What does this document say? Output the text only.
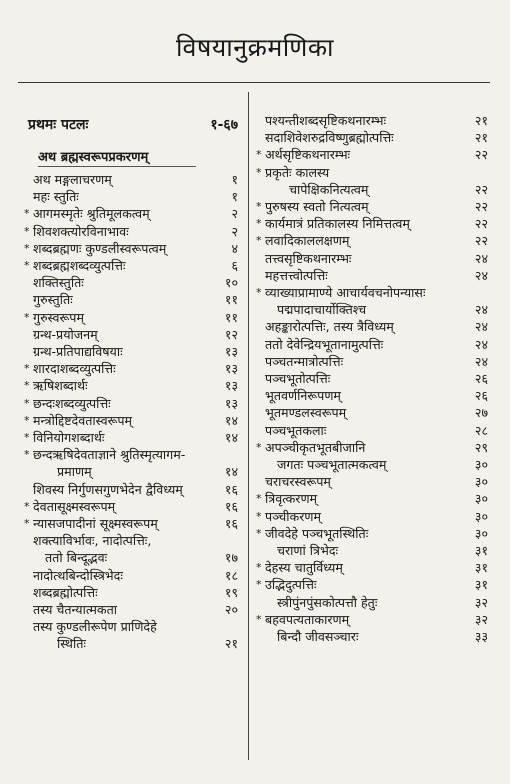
विषयानुक्रमणिका
प्रथमः पटलः	१-६७
अथ ब्रह्मस्वरूपप्रकरणम्
अथ मङ्गलाचरणम्	१
महः स्तुतिः	१
* आगमस्मृतेः श्रुतिमूलकत्वम्	२
* शिवशक्त्योरविनाभावः	२
* शब्दब्रह्मणः कुण्डलीस्वरूपत्वम्	४
* शब्दब्रह्मशब्दव्युत्पत्तिः	६
शक्तिस्तुतिः	१०
गुरुस्तुतिः	११
* गुरुस्वरूपम्	११
ग्रन्थ-प्रयोजनम्	१२
ग्रन्थ-प्रतिपाद्यविषयाः	१३
* शारदाशब्दव्युत्पत्तिः	१३
* ऋषिशब्दार्थः	१३
* छन्दःशब्दव्युत्पत्तिः	१३
* मन्त्रोद्दिष्टदेवतास्वरूपम्	१४
* विनियोगशब्दार्थः	१४
* छन्दऋषिदेवताज्ञाने श्रुतिस्मृत्यागम-
प्रमाणम्	१४
शिवस्य निर्गुणसगुणभेदेन द्वैविध्यम्	१६
* देवतासूक्ष्मस्वरूपम्	१६
* न्यासजपादीनां सूक्ष्मस्वरूपम्	१६
शक्त्याविर्भावः, नादोत्पत्तिः,
ततो बिन्दूद्भवः	१७
नादोत्थबिन्दोस्त्रिभेदः	१८
शब्दब्रह्मोत्पत्तिः	१९
तस्य चैतन्यात्मकता	२०
तस्य कुण्डलीरूपेण प्राणिदेहे
स्थितिः	२१
पश्यन्तीशब्दसृष्टिकथनारम्भः	२१
सदाशिवेशरुद्रविष्णुब्रह्मोत्पत्तिः	२१
* अर्थसृष्टिकथनारम्भः	२२
* प्रकृतेः कालस्य
चापेक्षिकनित्यत्वम्	२२
* पुरुषस्य स्वतो नित्यत्वम्	२२
* कार्यमात्रं प्रतिकालस्य निमित्तत्वम्	२२
* लवादिकाललक्षणम्	२२
तत्त्वसृष्टिकथनारम्भः	२४
महत्तत्त्वोत्पत्तिः	२४
* व्याख्याप्रामाण्ये आचार्यवचनोपन्यासः
पद्मपादाचार्योक्तिश्च	२४
अहङ्कारोत्पत्तिः, तस्य त्रैविध्यम्	२४
ततो देवेन्द्रियभूतानामुत्पत्तिः	२४
पञ्चतन्मात्रोत्पत्तिः	२४
पञ्चभूतोत्पत्तिः	२६
भूतवर्णनिरूपणम्	२६
भूतमण्डलस्वरूपम्	२७
पञ्चभूतकलाः	२८
* अपञ्चीकृतभूतबीजानि	२९
जगतः पञ्चभूतात्मकत्वम्	३०
चराचरस्वरूपम्	३०
* त्रिवृत्करणम्	३०
* पञ्चीकरणम्	३०
* जीवदेहे पञ्चभूतस्थितिः	३०
चराणां त्रिभेदः	३१
* देहस्य चातुर्विध्यम्	३१
* उद्भिदुत्पत्तिः	३१
स्त्रीपुंनपुंसकोत्पत्तौ हेतुः	३२
* बहवपत्यताकारणम्	३२
बिन्दौ जीवसञ्चारः	३३
